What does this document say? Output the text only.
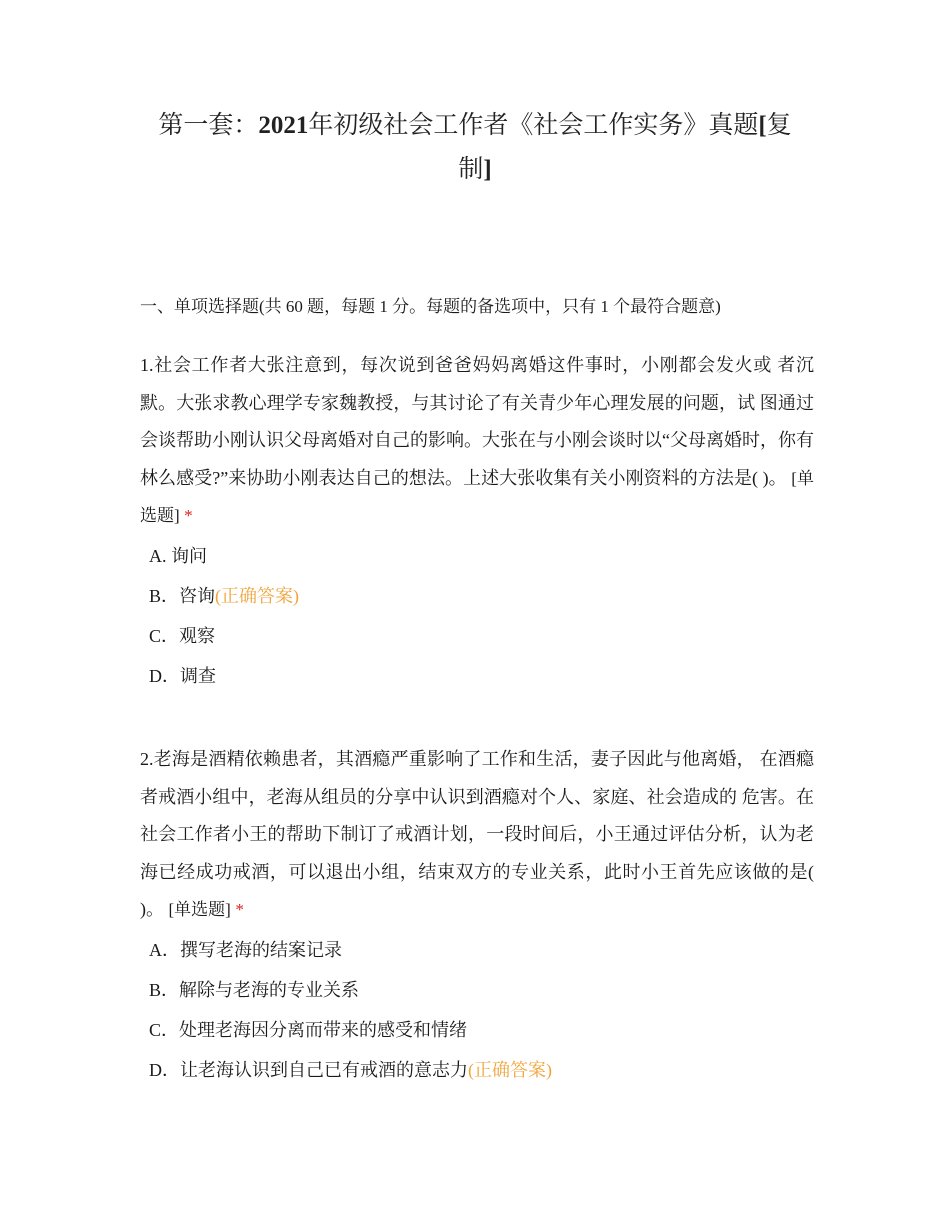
第一套：2021年初级社会工作者《社会工作实务》真题[复
制]
一、单项选择题(共 60 题，每题 1 分。每题的备选项中，只有 1 个最符合题意)
1.社会工作者大张注意到，每次说到爸爸妈妈离婚这件事时，小刚都会发火或 者沉默。大张求教心理学专家魏教授，与其讨论了有关青少年心理发展的问题，试 图通过会谈帮助小刚认识父母离婚对自己的影响。大张在与小刚会谈时以“父母离婚时，你有林么感受?”来协助小刚表达自己的想法。上述大张收集有关小刚资料的方法是( )。 [单选题] *
A. 询问
B．咨询(正确答案)
C．观察
D．调查
2.老海是酒精依赖患者，其酒瘾严重影响了工作和生活，妻子因此与他离婚， 在酒瘾者戒酒小组中，老海从组员的分享中认识到酒瘾对个人、家庭、社会造成的 危害。在社会工作者小王的帮助下制订了戒酒计划，一段时间后，小王通过评估分析，认为老海已经成功戒酒，可以退出小组，结束双方的专业关系，此时小王首先应该做的是( )。 [单选题] *
A．撰写老海的结案记录
B．解除与老海的专业关系
C．处理老海因分离而带来的感受和情绪
D．让老海认识到自己已有戒酒的意志力(正确答案)
